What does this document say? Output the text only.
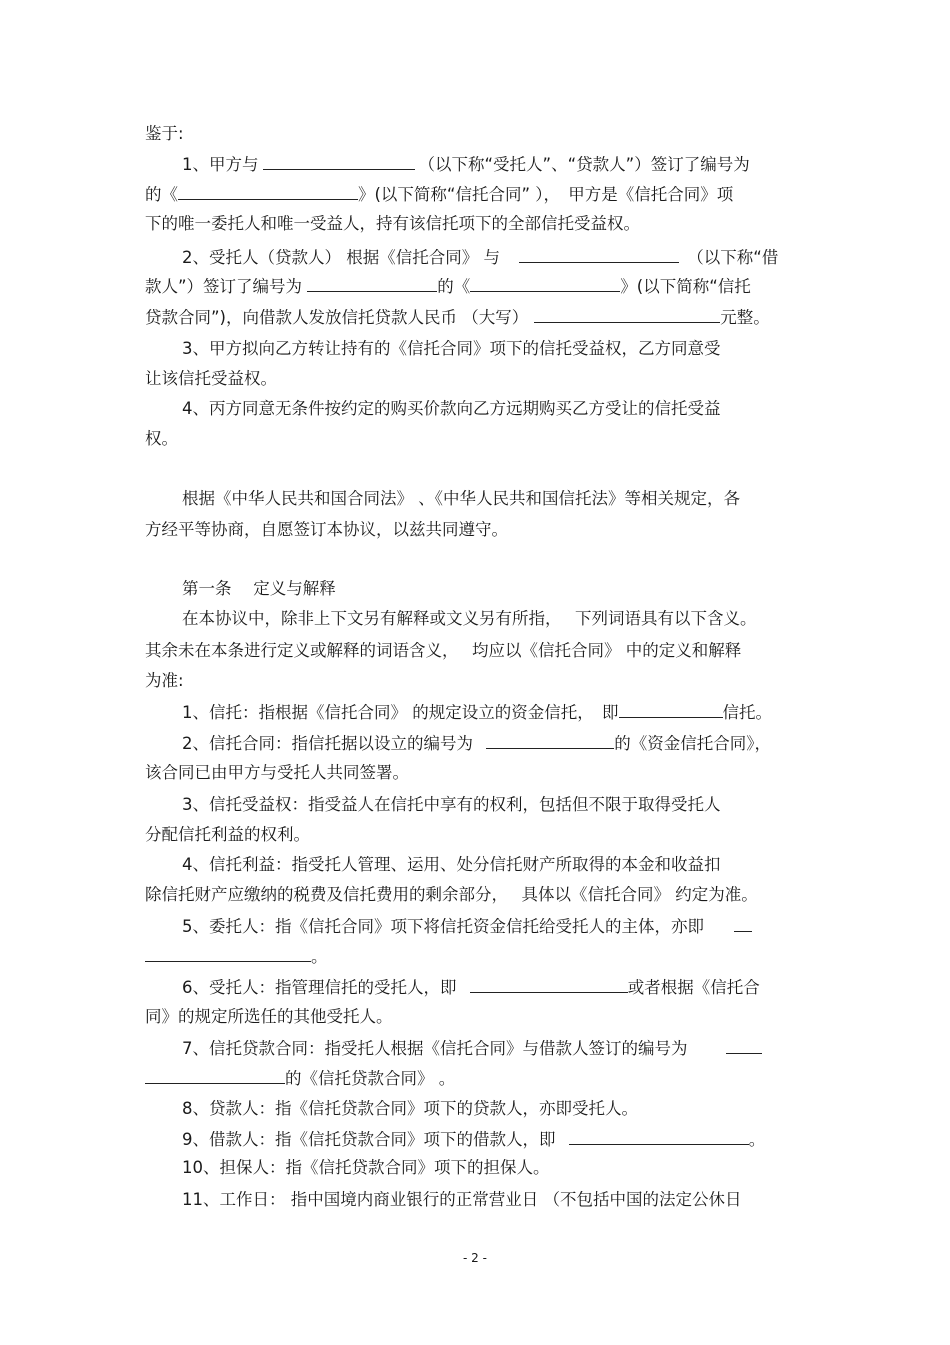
鉴于:
1、甲方与	（以下称“受托人”、“贷款人”）签订了编号为
的《	》(以下简称“信托合同” ），　甲方是《信托合同》项
下的唯一委托人和唯一受益人，持有该信托项下的全部信托受益权。
2、受托人（贷款人） 根据《信托合同》 与	（以下称“借
款人”）签订了编号为	的《	》(以下简称“信托
贷款合同”)，向借款人发放信托贷款人民币 （大写）	元整。
3、甲方拟向乙方转让持有的《信托合同》项下的信托受益权，乙方同意受
让该信托受益权。
4、丙方同意无条件按约定的购买价款向乙方远期购买乙方受让的信托受益
权。
根据《中华人民共和国合同法》 、《中华人民共和国信托法》等相关规定，各
方经平等协商，自愿签订本协议，以兹共同遵守。
第一条　 定义与解释
在本协议中，除非上下文另有解释或文义另有所指，　 下列词语具有以下含义。
其余未在本条进行定义或解释的词语含义，　 均应以《信托合同》 中的定义和解释
为准:
1、信托：指根据《信托合同》 的规定设立的资金信托，　即	信托。
2、信托合同：指信托据以设立的编号为	的《资金信托合同》，
该合同已由甲方与受托人共同签署。
3、信托受益权：指受益人在信托中享有的权利，包括但不限于取得受托人
分配信托利益的权利。
4、信托利益：指受托人管理、运用、处分信托财产所取得的本金和收益扣
除信托财产应缴纳的税费及信托费用的剩余部分，　 具体以《信托合同》 约定为准。
5、委托人：指《信托合同》项下将信托资金信托给受托人的主体，亦即
。
6、受托人：指管理信托的受托人，即	或者根据《信托合
同》的规定所选任的其他受托人。
7、信托贷款合同：指受托人根据《信托合同》与借款人签订的编号为
的《信托贷款合同》 。
8、贷款人：指《信托贷款合同》项下的贷款人，亦即受托人。
9、借款人：指《信托贷款合同》项下的借款人，即	。
10、担保人：指《信托贷款合同》项下的担保人。
11、工作日： 指中国境内商业银行的正常营业日 （不包括中国的法定公休日
- 2 -
